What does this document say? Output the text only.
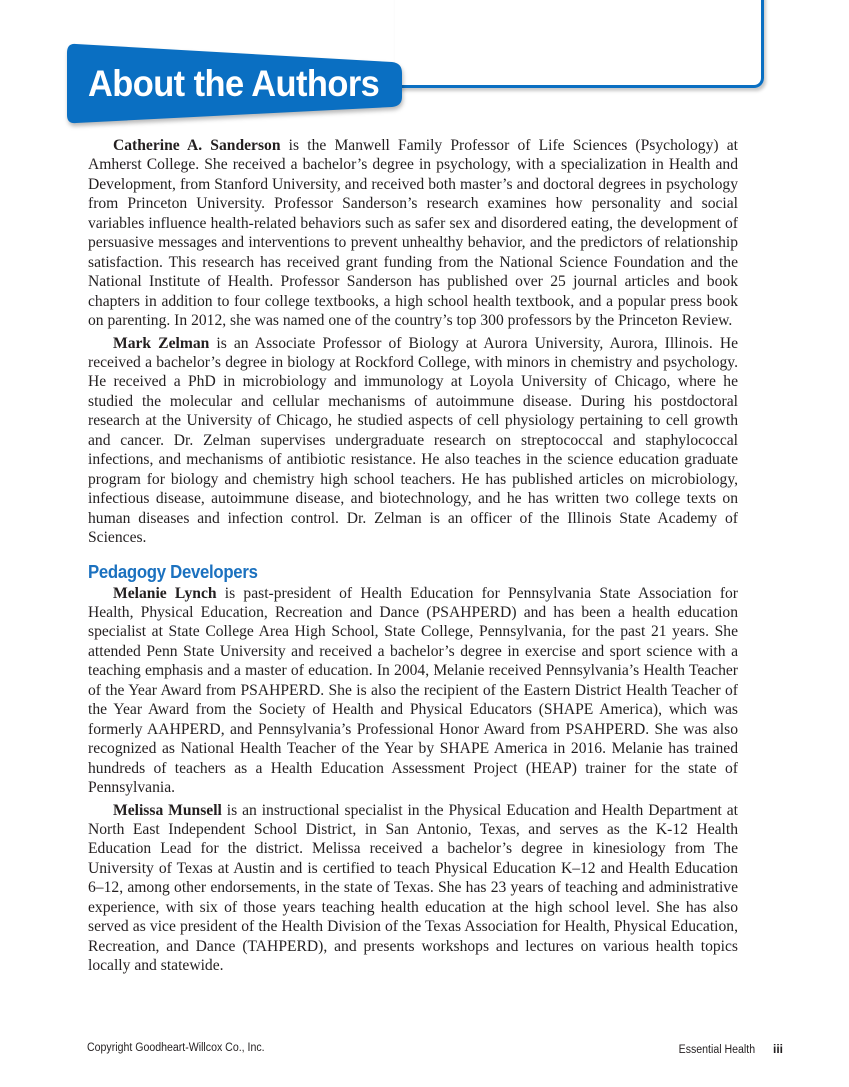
About the Authors

Catherine A. Sanderson is the Manwell Family Professor of Life Sciences (Psychology) at Amherst College. She received a bachelor’s degree in psychology, with a specialization in Health and Development, from Stanford University, and received both master’s and doctoral degrees in psychology from Princeton University. Professor Sanderson’s research examines how personality and social variables influence health-related behaviors such as safer sex and disordered eating, the development of persuasive messages and interventions to prevent unhealthy behavior, and the predictors of relationship satisfaction. This research has received grant funding from the National Science Foundation and the National Institute of Health. Professor Sanderson has published over 25 journal articles and book chapters in addition to four college textbooks, a high school health textbook, and a popular press book on parenting. In 2012, she was named one of the country’s top 300 professors by the Princeton Review.

Mark Zelman is an Associate Professor of Biology at Aurora University, Aurora, Illinois. He received a bachelor’s degree in biology at Rockford College, with minors in chemistry and psychology. He received a PhD in microbiology and immunology at Loyola University of Chicago, where he studied the molecular and cellular mechanisms of autoimmune disease. During his postdoctoral research at the University of Chicago, he studied aspects of cell physiology pertaining to cell growth and cancer. Dr. Zelman supervises undergraduate research on streptococcal and staphylococcal infections, and mechanisms of antibiotic resistance. He also teaches in the science education graduate program for biology and chemistry high school teachers. He has published articles on microbiology, infectious disease, autoimmune disease, and biotechnology, and he has written two college texts on human diseases and infection control. Dr. Zelman is an officer of the Illinois State Academy of Sciences.

Pedagogy Developers

Melanie Lynch is past-president of Health Education for Pennsylvania State Association for Health, Physical Education, Recreation and Dance (PSAHPERD) and has been a health education specialist at State College Area High School, State College, Pennsylvania, for the past 21 years. She attended Penn State University and received a bachelor’s degree in exercise and sport science with a teaching emphasis and a master of education. In 2004, Melanie received Pennsylvania’s Health Teacher of the Year Award from PSAHPERD. She is also the recipient of the Eastern District Health Teacher of the Year Award from the Society of Health and Physical Educators (SHAPE America), which was formerly AAHPERD, and Pennsylvania’s Professional Honor Award from PSAHPERD. She was also recognized as National Health Teacher of the Year by SHAPE America in 2016. Melanie has trained hundreds of teachers as a Health Education Assessment Project (HEAP) trainer for the state of Pennsylvania.

Melissa Munsell is an instructional specialist in the Physical Education and Health Department at North East Independent School District, in San Antonio, Texas, and serves as the K-12 Health Education Lead for the district. Melissa received a bachelor’s degree in kinesiology from The University of Texas at Austin and is certified to teach Physical Education K–12 and Health Education 6–12, among other endorsements, in the state of Texas. She has 23 years of teaching and administrative experience, with six of those years teaching health education at the high school level. She has also served as vice president of the Health Division of the Texas Association for Health, Physical Education, Recreation, and Dance (TAHPERD), and presents workshops and lectures on various health topics locally and statewide.

Copyright Goodheart-Willcox Co., Inc.	Essential Health iii
